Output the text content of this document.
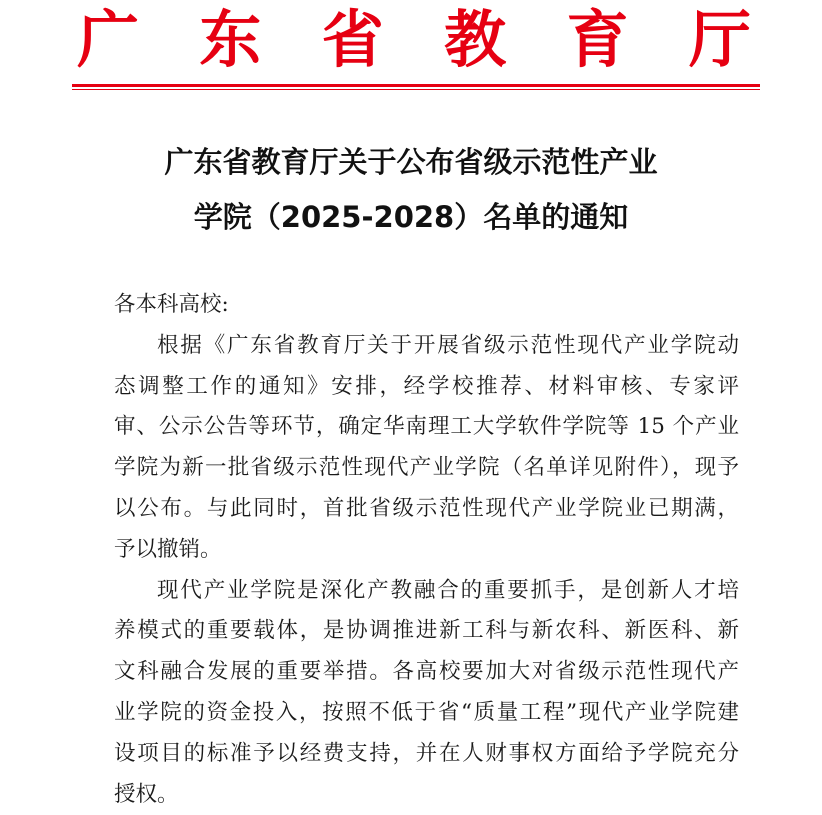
广 东 省 教 育 厅
广东省教育厅关于公布省级示范性产业
学院（2025-2028）名单的通知
各本科高校:
根据《广东省教育厅关于开展省级示范性现代产业学院动
态调整工作的通知》安排，经学校推荐、材料审核、专家评
审、公示公告等环节，确定华南理工大学软件学院等 15 个产业
学院为新一批省级示范性现代产业学院（名单详见附件），现予
以公布。与此同时，首批省级示范性现代产业学院业已期满，
予以撤销。
现代产业学院是深化产教融合的重要抓手，是创新人才培
养模式的重要载体，是协调推进新工科与新农科、新医科、新
文科融合发展的重要举措。各高校要加大对省级示范性现代产
业学院的资金投入，按照不低于省“质量工程”现代产业学院建
设项目的标准予以经费支持，并在人财事权方面给予学院充分
授权。
